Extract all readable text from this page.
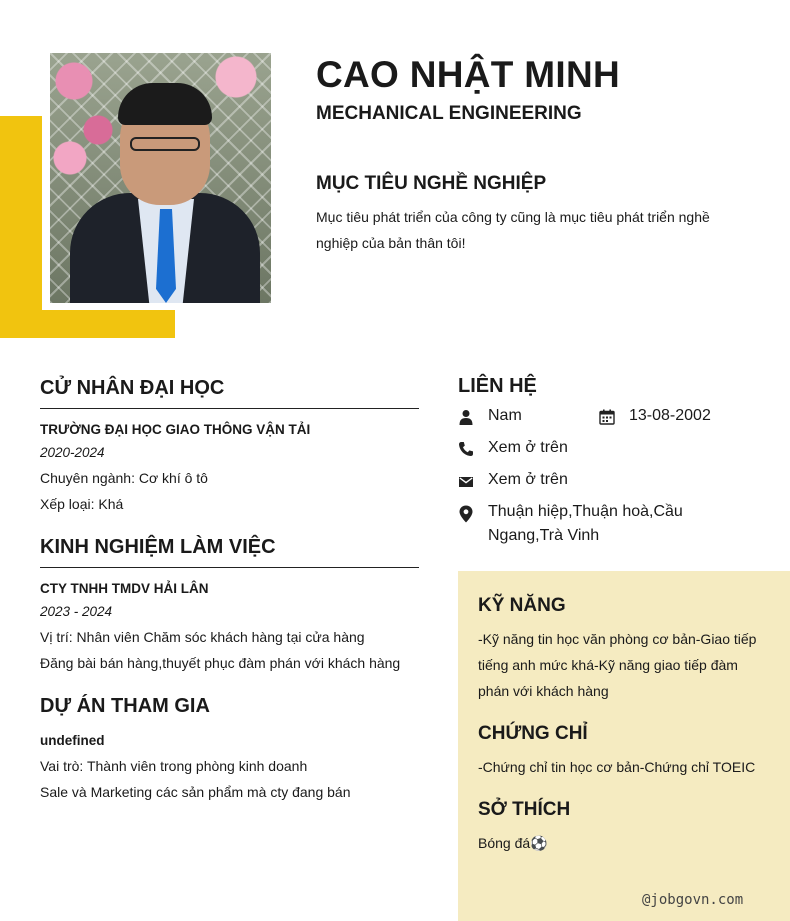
CAO NHẬT MINH
MECHANICAL ENGINEERING
MỤC TIÊU NGHỀ NGHIỆP

Mục tiêu phát triển của công ty cũng là mục tiêu phát triển nghề nghiệp của bản thân tôi!

CỬ NHÂN ĐẠI HỌC

TRƯỜNG ĐẠI HỌC GIAO THÔNG VẬN TẢI

2020-2024

Chuyên ngành: Cơ khí ô tô

Xếp loại: Khá

KINH NGHIỆM LÀM VIỆC

CTY TNHH TMDV HẢI LÂN

2023 - 2024

Vị trí: Nhân viên Chăm sóc khách hàng tại cửa hàng

Đăng bài bán hàng,thuyết phục đàm phán với khách hàng

DỰ ÁN THAM GIA

undefined

Vai trò: Thành viên trong phòng kinh doanh

Sale và Marketing các sản phẩm mà cty đang bán

LIÊN HỆ

Nam	13-08-2002

Xem ở trên

Xem ở trên

Thuận hiệp,Thuận hoà,Cầu Ngang,Trà Vinh

KỸ NĂNG

-Kỹ năng tin học văn phòng cơ bản-Giao tiếp tiếng anh mức khá-Kỹ năng giao tiếp đàm phán với khách hàng

CHỨNG CHỈ

-Chứng chỉ tin học cơ bản-Chứng chỉ TOEIC

SỞ THÍCH

Bóng đá⚽

@jobgovn.com
